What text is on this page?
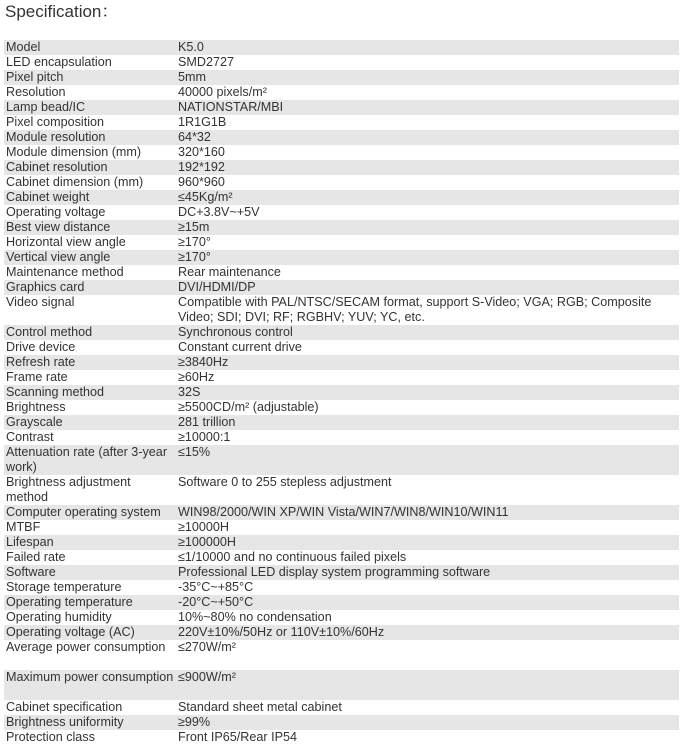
Specification：
Model	K5.0
LED encapsulation	SMD2727
Pixel pitch	5mm
Resolution	40000 pixels/m²
Lamp bead/IC	NATIONSTAR/MBI
Pixel composition	1R1G1B
Module resolution	64*32
Module dimension (mm)	320*160
Cabinet resolution	192*192
Cabinet dimension (mm)	960*960
Cabinet weight	≤45Kg/m²
Operating voltage	DC+3.8V~+5V
Best view distance	≥15m
Horizontal view angle	≥170°
Vertical view angle	≥170°
Maintenance method	Rear maintenance
Graphics card	DVI/HDMI/DP
Video signal	Compatible with PAL/NTSC/SECAM format, support S-Video; VGA; RGB; Composite Video; SDI; DVI; RF; RGBHV; YUV; YC, etc.
Control method	Synchronous control
Drive device	Constant current drive
Refresh rate	≥3840Hz
Frame rate	≥60Hz
Scanning method	32S
Brightness	≥5500CD/m² (adjustable)
Grayscale	281 trillion
Contrast	≥10000:1
Attenuation rate (after 3-year work)	≤15%
Brightness adjustment method	Software 0 to 255 stepless adjustment
Computer operating system	WIN98/2000/WIN XP/WIN Vista/WIN7/WIN8/WIN10/WIN11
MTBF	≥10000H
Lifespan	≥100000H
Failed rate	≤1/10000 and no continuous failed pixels
Software	Professional LED display system programming software
Storage temperature	-35°C~+85°C
Operating temperature	-20°C~+50°C
Operating humidity	10%~80% no condensation
Operating voltage (AC)	220V±10%/50Hz or 110V±10%/60Hz
Average power consumption	≤270W/m²
Maximum power consumption	≤900W/m²
Cabinet specification	Standard sheet metal cabinet
Brightness uniformity	≥99%
Protection class	Front IP65/Rear IP54
